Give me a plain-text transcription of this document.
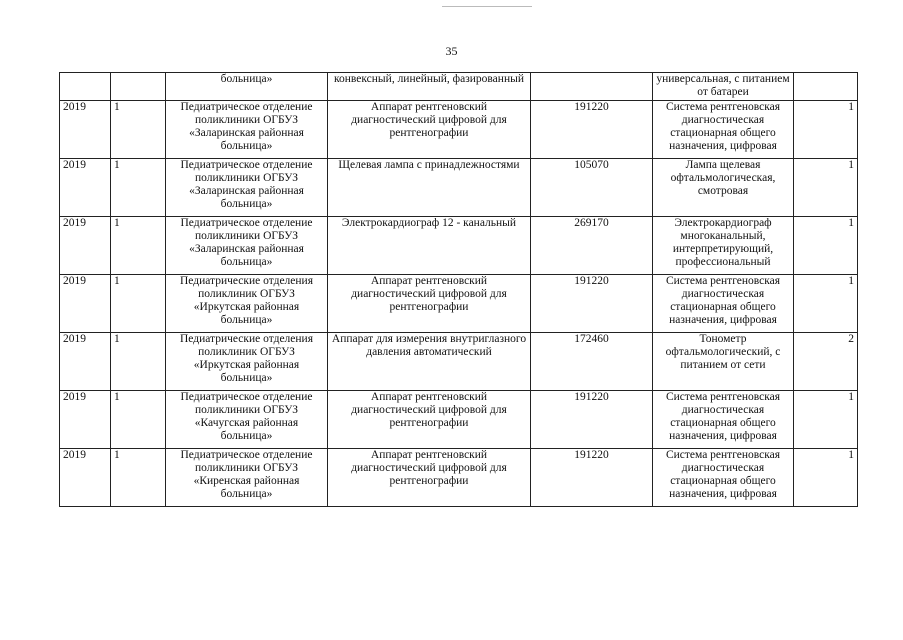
35
		больница»	конвексный, линейный, фазированный		универсальная, с питанием от батареи	
2019	1	Педиатрическое отделение поликлиники ОГБУЗ «Заларинская районная больница»	Аппарат рентгеновский диагностический цифровой для рентгенографии	191220	Система рентгеновская диагностическая стационарная общего назначения, цифровая	1
2019	1	Педиатрическое отделение поликлиники ОГБУЗ «Заларинская районная больница»	Щелевая лампа с принадлежностями	105070	Лампа щелевая офтальмологическая, смотровая	1
2019	1	Педиатрическое отделение поликлиники ОГБУЗ «Заларинская районная больница»	Электрокардиограф 12 - канальный	269170	Электрокардиограф многоканальный, интерпретирующий, профессиональный	1
2019	1	Педиатрические отделения поликлиник ОГБУЗ «Иркутская районная больница»	Аппарат рентгеновский диагностический цифровой для рентгенографии	191220	Система рентгеновская диагностическая стационарная общего назначения, цифровая	1
2019	1	Педиатрические отделения поликлиник ОГБУЗ «Иркутская районная больница»	Аппарат для измерения внутриглазного давления автоматический	172460	Тонометр офтальмологический, с питанием от сети	2
2019	1	Педиатрическое отделение поликлиники ОГБУЗ «Качугская районная больница»	Аппарат рентгеновский диагностический цифровой для рентгенографии	191220	Система рентгеновская диагностическая стационарная общего назначения, цифровая	1
2019	1	Педиатрическое отделение поликлиники ОГБУЗ «Киренская районная больница»	Аппарат рентгеновский диагностический цифровой для рентгенографии	191220	Система рентгеновская диагностическая стационарная общего назначения, цифровая	1
